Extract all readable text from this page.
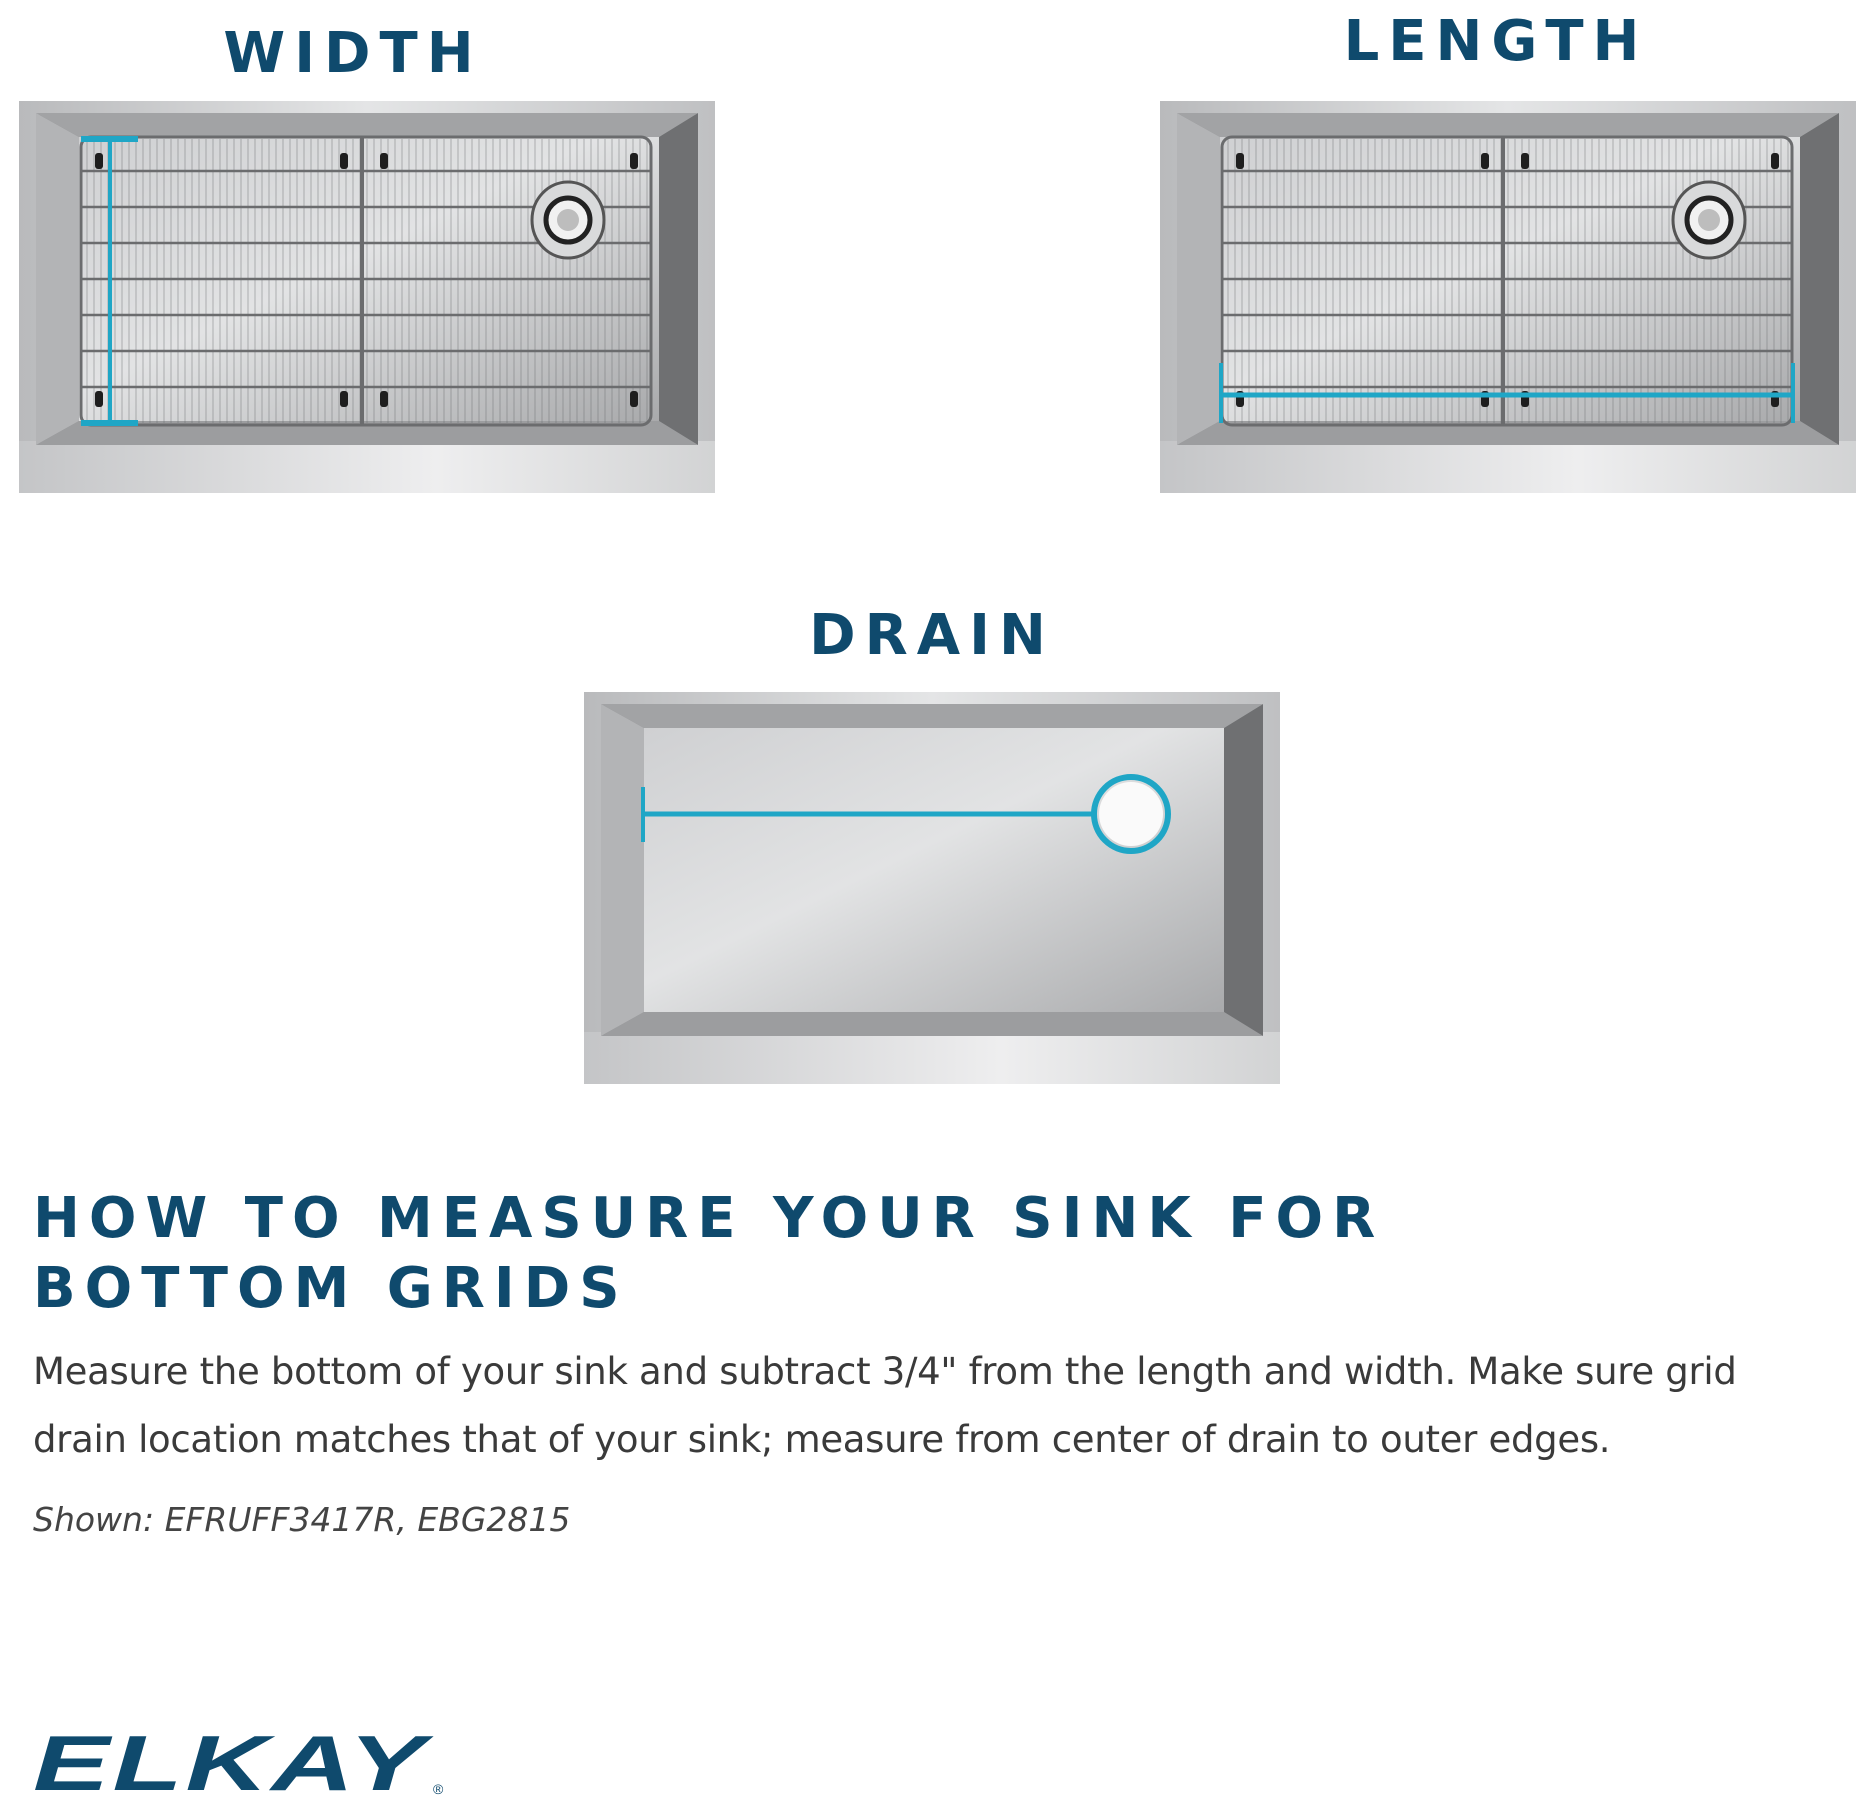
WIDTH	LENGTH
DRAIN
HOW TO MEASURE YOUR SINK FOR
BOTTOM GRIDS

Measure the bottom of your sink and subtract 3/4" from the length and width. Make sure grid drain location matches that of your sink; measure from center of drain to outer edges.

Shown: EFRUFF3417R, EBG2815

ELKAY ®
